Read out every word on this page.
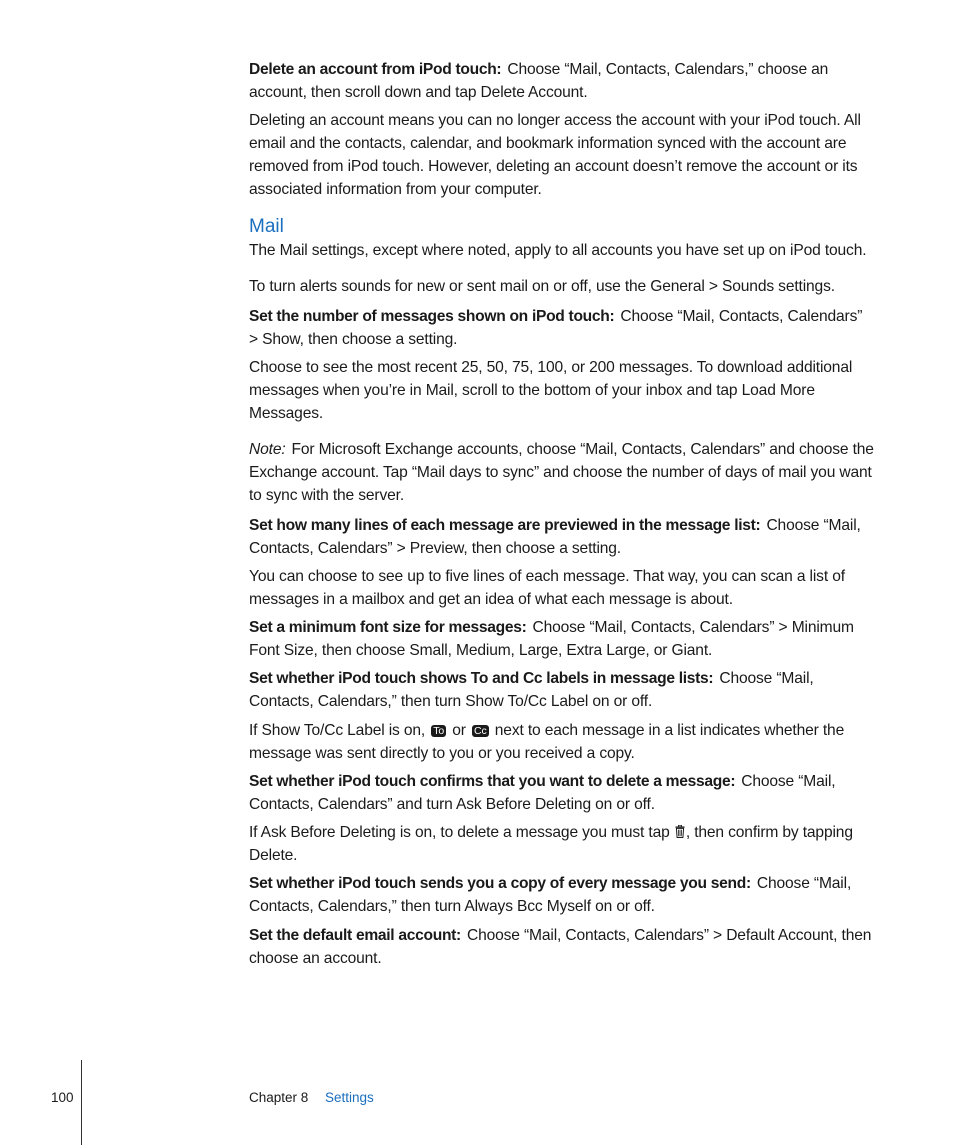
Delete an account from iPod touch: Choose “Mail, Contacts, Calendars,” choose an account, then scroll down and tap Delete Account.

Deleting an account means you can no longer access the account with your iPod touch. All email and the contacts, calendar, and bookmark information synced with the account are removed from iPod touch. However, deleting an account doesn’t remove the account or its associated information from your computer.

Mail

The Mail settings, except where noted, apply to all accounts you have set up on iPod touch.

To turn alerts sounds for new or sent mail on or off, use the General > Sounds settings.

Set the number of messages shown on iPod touch: Choose “Mail, Contacts, Calendars” > Show, then choose a setting.

Choose to see the most recent 25, 50, 75, 100, or 200 messages. To download additional messages when you’re in Mail, scroll to the bottom of your inbox and tap Load More Messages.

Note: For Microsoft Exchange accounts, choose “Mail, Contacts, Calendars” and choose the Exchange account. Tap “Mail days to sync” and choose the number of days of mail you want to sync with the server.

Set how many lines of each message are previewed in the message list: Choose “Mail, Contacts, Calendars” > Preview, then choose a setting.

You can choose to see up to five lines of each message. That way, you can scan a list of messages in a mailbox and get an idea of what each message is about.

Set a minimum font size for messages: Choose “Mail, Contacts, Calendars” > Minimum Font Size, then choose Small, Medium, Large, Extra Large, or Giant.

Set whether iPod touch shows To and Cc labels in message lists: Choose “Mail, Contacts, Calendars,” then turn Show To/Cc Label on or off.

If Show To/Cc Label is on, To or Cc next to each message in a list indicates whether the message was sent directly to you or you received a copy.

Set whether iPod touch confirms that you want to delete a message: Choose “Mail, Contacts, Calendars” and turn Ask Before Deleting on or off.

If Ask Before Deleting is on, to delete a message you must tap , then confirm by tapping Delete.

Set whether iPod touch sends you a copy of every message you send: Choose “Mail, Contacts, Calendars,” then turn Always Bcc Myself on or off.

Set the default email account: Choose “Mail, Contacts, Calendars” > Default Account, then choose an account.

100	Chapter 8 Settings
